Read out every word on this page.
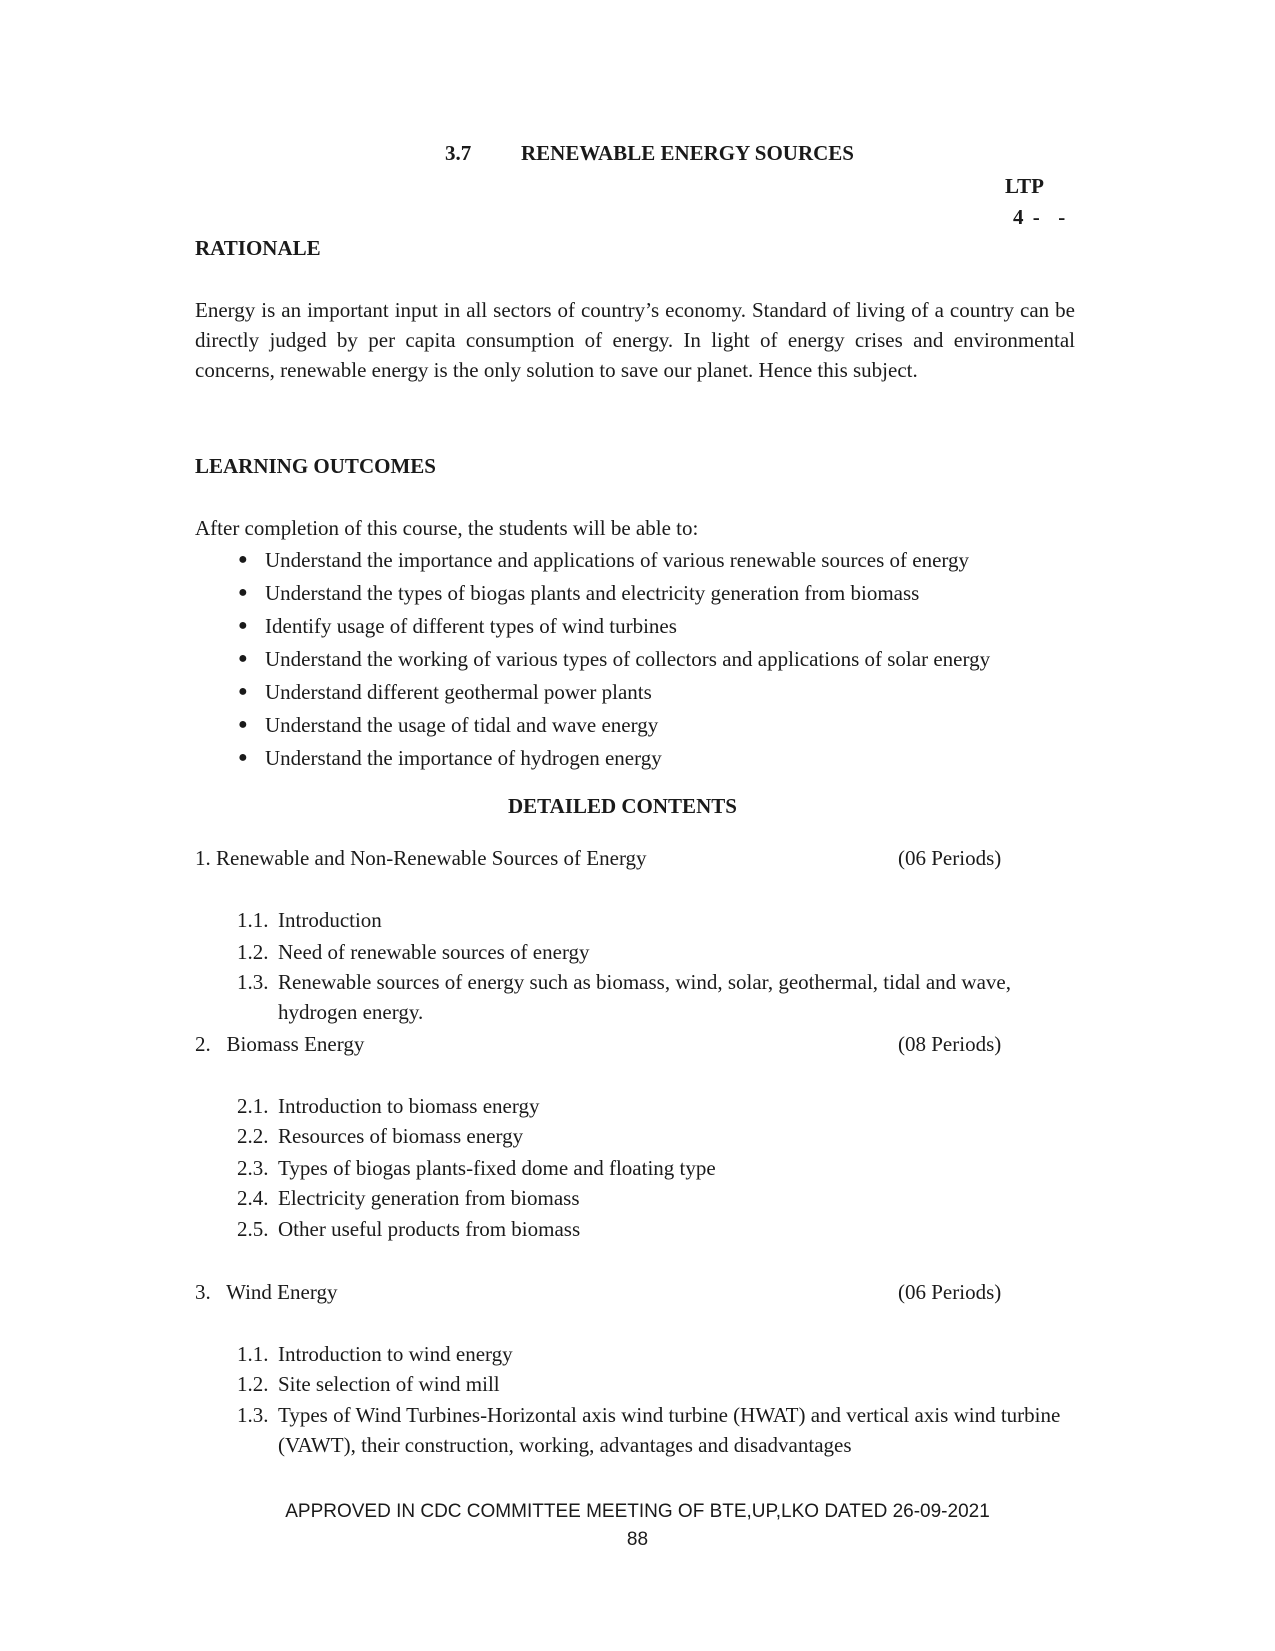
3.7 RENEWABLE ENERGY SOURCES
LTP
4 -  -
RATIONALE
Energy is an important input in all sectors of country’s economy. Standard of living of a country can be directly judged by per capita consumption of energy. In light of energy crises and environmental concerns, renewable energy is the only solution to save our planet. Hence this subject.
LEARNING OUTCOMES
After completion of this course, the students will be able to:
● Understand the importance and applications of various renewable sources of energy
● Understand the types of biogas plants and electricity generation from biomass
● Identify usage of different types of wind turbines
● Understand the working of various types of collectors and applications of solar energy
● Understand different geothermal power plants
● Understand the usage of tidal and wave energy
● Understand the importance of hydrogen energy
DETAILED CONTENTS
1. Renewable and Non-Renewable Sources of Energy	(06 Periods)
1.1. Introduction
1.2. Need of renewable sources of energy
1.3. Renewable sources of energy such as biomass, wind, solar, geothermal, tidal and wave, hydrogen energy.
2.   Biomass Energy	(08 Periods)
2.1. Introduction to biomass energy
2.2. Resources of biomass energy
2.3. Types of biogas plants-fixed dome and floating type
2.4. Electricity generation from biomass
2.5. Other useful products from biomass
3.   Wind Energy	(06 Periods)
1.1. Introduction to wind energy
1.2. Site selection of wind mill
1.3. Types of Wind Turbines-Horizontal axis wind turbine (HWAT) and vertical axis wind turbine (VAWT), their construction, working, advantages and disadvantages
APPROVED IN CDC COMMITTEE MEETING OF BTE,UP,LKO DATED 26-09-2021
88
